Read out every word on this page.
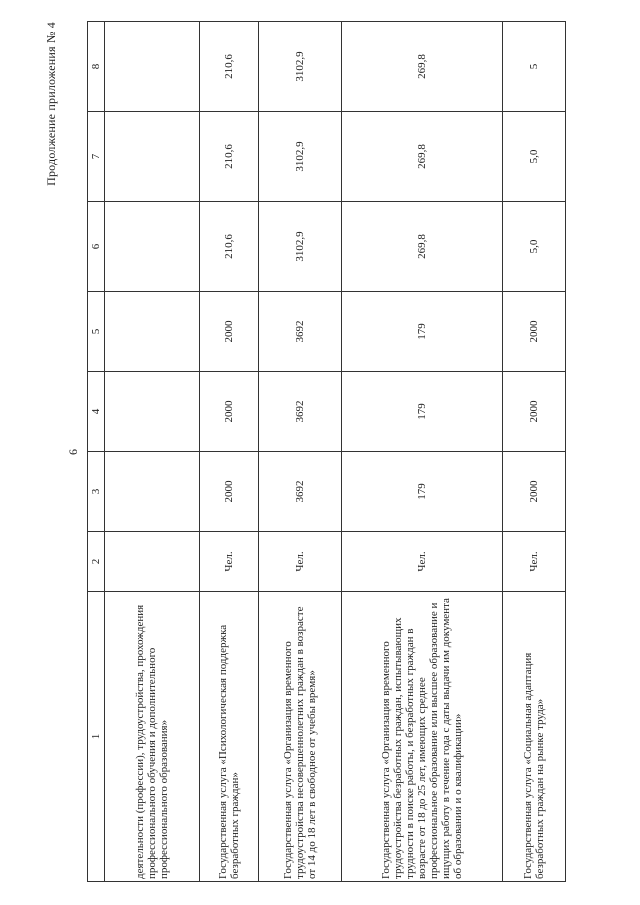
Продолжение приложения № 4
6
1	2	3	4	5	6	7	8
деятельности (профессии), трудоустройства, прохождения профессионального обучения и дополнительного профессионального образования»							
Государственная услуга «Психологическая поддержка безработных граждан»	Чел.	2000	2000	2000	210,6	210,6	210,6
Государственная услуга «Организация временного трудоустройства несовершеннолетних граждан в возрасте от 14 до 18 лет в свободное от учебы время»	Чел.	3692	3692	3692	3102,9	3102,9	3102,9
Государственная услуга «Организация временного трудоустройства безработных граждан, испытывающих трудности в поиске работы, и безработных граждан в возрасте от 18 до 25 лет, имеющих среднее профессиональное образование или высшее образование и ищущих работу в течение года с даты выдачи им документа об образовании и о квалификации»	Чел.	179	179	179	269,8	269,8	269,8
Государственная услуга «Социальная адаптация безработных граждан на рынке труда»	Чел.	2000	2000	2000	5,0	5,0	5
